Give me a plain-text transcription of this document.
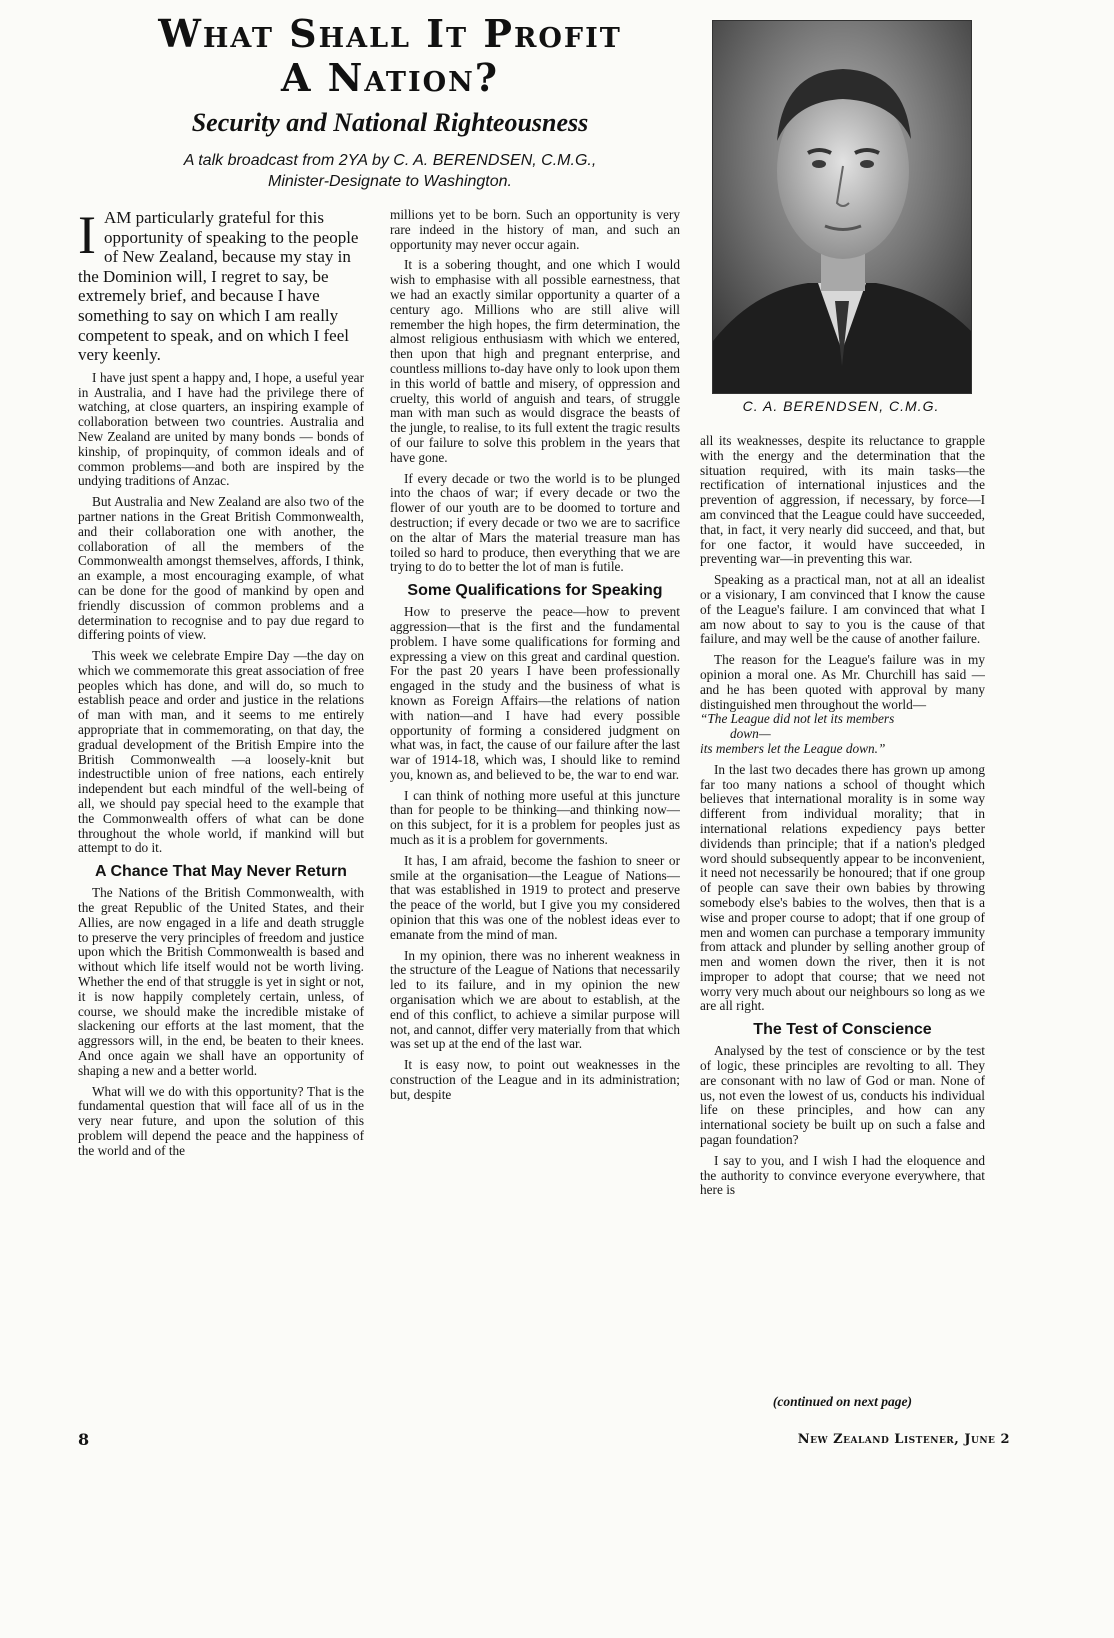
What Shall It Profit
A Nation?
Security and National Righteousness
A talk broadcast from 2YA by C. A. BERENDSEN, C.M.G.,
Minister-Designate to Washington.
C. A. BERENDSEN, C.M.G.

IAM particularly grateful for this opportunity of speaking to the people of New Zealand, because my stay in the Dominion will, I regret to say, be extremely brief, and because I have something to say on which I am really competent to speak, and on which I feel very keenly.

I have just spent a happy and, I hope, a useful year in Australia, and I have had the privilege there of watching, at close quarters, an inspiring example of collaboration between two countries. Australia and New Zealand are united by many bonds — bonds of kinship, of propinquity, of common ideals and of common problems—and both are inspired by the undying traditions of Anzac.

But Australia and New Zealand are also two of the partner nations in the Great British Commonwealth, and their collaboration one with another, the collaboration of all the members of the Commonwealth amongst themselves, affords, I think, an example, a most encouraging example, of what can be done for the good of mankind by open and friendly discussion of common problems and a determination to recognise and to pay due regard to differing points of view.

This week we celebrate Empire Day —the day on which we commemorate this great association of free peoples which has done, and will do, so much to establish peace and order and justice in the relations of man with man, and it seems to me entirely appropriate that in commemorating, on that day, the gradual development of the British Empire into the British Commonwealth —a loosely-knit but indestructible union of free nations, each entirely independent but each mindful of the well-being of all, we should pay special heed to the example that the Commonwealth offers of what can be done throughout the whole world, if mankind will but attempt to do it.

A Chance That May Never Return

The Nations of the British Commonwealth, with the great Republic of the United States, and their Allies, are now engaged in a life and death struggle to preserve the very principles of freedom and justice upon which the British Commonwealth is based and without which life itself would not be worth living. Whether the end of that struggle is yet in sight or not, it is now happily completely certain, unless, of course, we should make the incredible mistake of slackening our efforts at the last moment, that the aggressors will, in the end, be beaten to their knees. And once again we shall have an opportunity of shaping a new and a better world.

What will we do with this opportunity? That is the fundamental question that will face all of us in the very near future, and upon the solution of this problem will depend the peace and the happiness of the world and of the

millions yet to be born. Such an opportunity is very rare indeed in the history of man, and such an opportunity may never occur again.

It is a sobering thought, and one which I would wish to emphasise with all possible earnestness, that we had an exactly similar opportunity a quarter of a century ago. Millions who are still alive will remember the high hopes, the firm determination, the almost religious enthusiasm with which we entered, then upon that high and pregnant enterprise, and countless millions to-day have only to look upon them in this world of battle and misery, of oppression and cruelty, this world of anguish and tears, of struggle man with man such as would disgrace the beasts of the jungle, to realise, to its full extent the tragic results of our failure to solve this problem in the years that have gone.

If every decade or two the world is to be plunged into the chaos of war; if every decade or two the flower of our youth are to be doomed to torture and destruction; if every decade or two we are to sacrifice on the altar of Mars the material treasure man has toiled so hard to produce, then everything that we are trying to do to better the lot of man is futile.

Some Qualifications for Speaking

How to preserve the peace—how to prevent aggression—that is the first and the fundamental problem. I have some qualifications for forming and expressing a view on this great and cardinal question. For the past 20 years I have been professionally engaged in the study and the business of what is known as Foreign Affairs—the relations of nation with nation—and I have had every possible opportunity of forming a considered judgment on what was, in fact, the cause of our failure after the last war of 1914-18, which was, I should like to remind you, known as, and believed to be, the war to end war.

I can think of nothing more useful at this juncture than for people to be thinking—and thinking now—on this subject, for it is a problem for peoples just as much as it is a problem for governments.

It has, I am afraid, become the fashion to sneer or smile at the organisation—the League of Nations—that was established in 1919 to protect and preserve the peace of the world, but I give you my considered opinion that this was one of the noblest ideas ever to emanate from the mind of man.

In my opinion, there was no inherent weakness in the structure of the League of Nations that necessarily led to its failure, and in my opinion the new organisation which we are about to establish, at the end of this conflict, to achieve a similar purpose will not, and cannot, differ very materially from that which was set up at the end of the last war.

It is easy now, to point out weaknesses in the construction of the League and in its administration; but, despite

all its weaknesses, despite its reluctance to grapple with the energy and the determination that the situation required, with its main tasks—the rectification of international injustices and the prevention of aggression, if necessary, by force—I am convinced that the League could have succeeded, that, in fact, it very nearly did succeed, and that, but for one factor, it would have succeeded, in preventing war—in preventing this war.

Speaking as a practical man, not at all an idealist or a visionary, I am convinced that I know the cause of the League's failure. I am convinced that what I am now about to say to you is the cause of that failure, and may well be the cause of another failure.

The reason for the League's failure was in my opinion a moral one. As Mr. Churchill has said — and he has been quoted with approval by many distinguished men throughout the world—

“The League did not let its members

down—

its members let the League down.”

In the last two decades there has grown up among far too many nations a school of thought which believes that international morality is in some way different from individual morality; that in international relations expediency pays better dividends than principle; that if a nation's pledged word should subsequently appear to be inconvenient, it need not necessarily be honoured; that if one group of people can save their own babies by throwing somebody else's babies to the wolves, then that is a wise and proper course to adopt; that if one group of men and women can purchase a temporary immunity from attack and plunder by selling another group of men and women down the river, then it is not improper to adopt that course; that we need not worry very much about our neighbours so long as we are all right.

The Test of Conscience

Analysed by the test of conscience or by the test of logic, these principles are revolting to all. They are consonant with no law of God or man. None of us, not even the lowest of us, conducts his individual life on these principles, and how can any international society be built up on such a false and pagan foundation?

I say to you, and I wish I had the eloquence and the authority to convince everyone everywhere, that here is

(continued on next page)
8	New Zealand Listener, June 2
